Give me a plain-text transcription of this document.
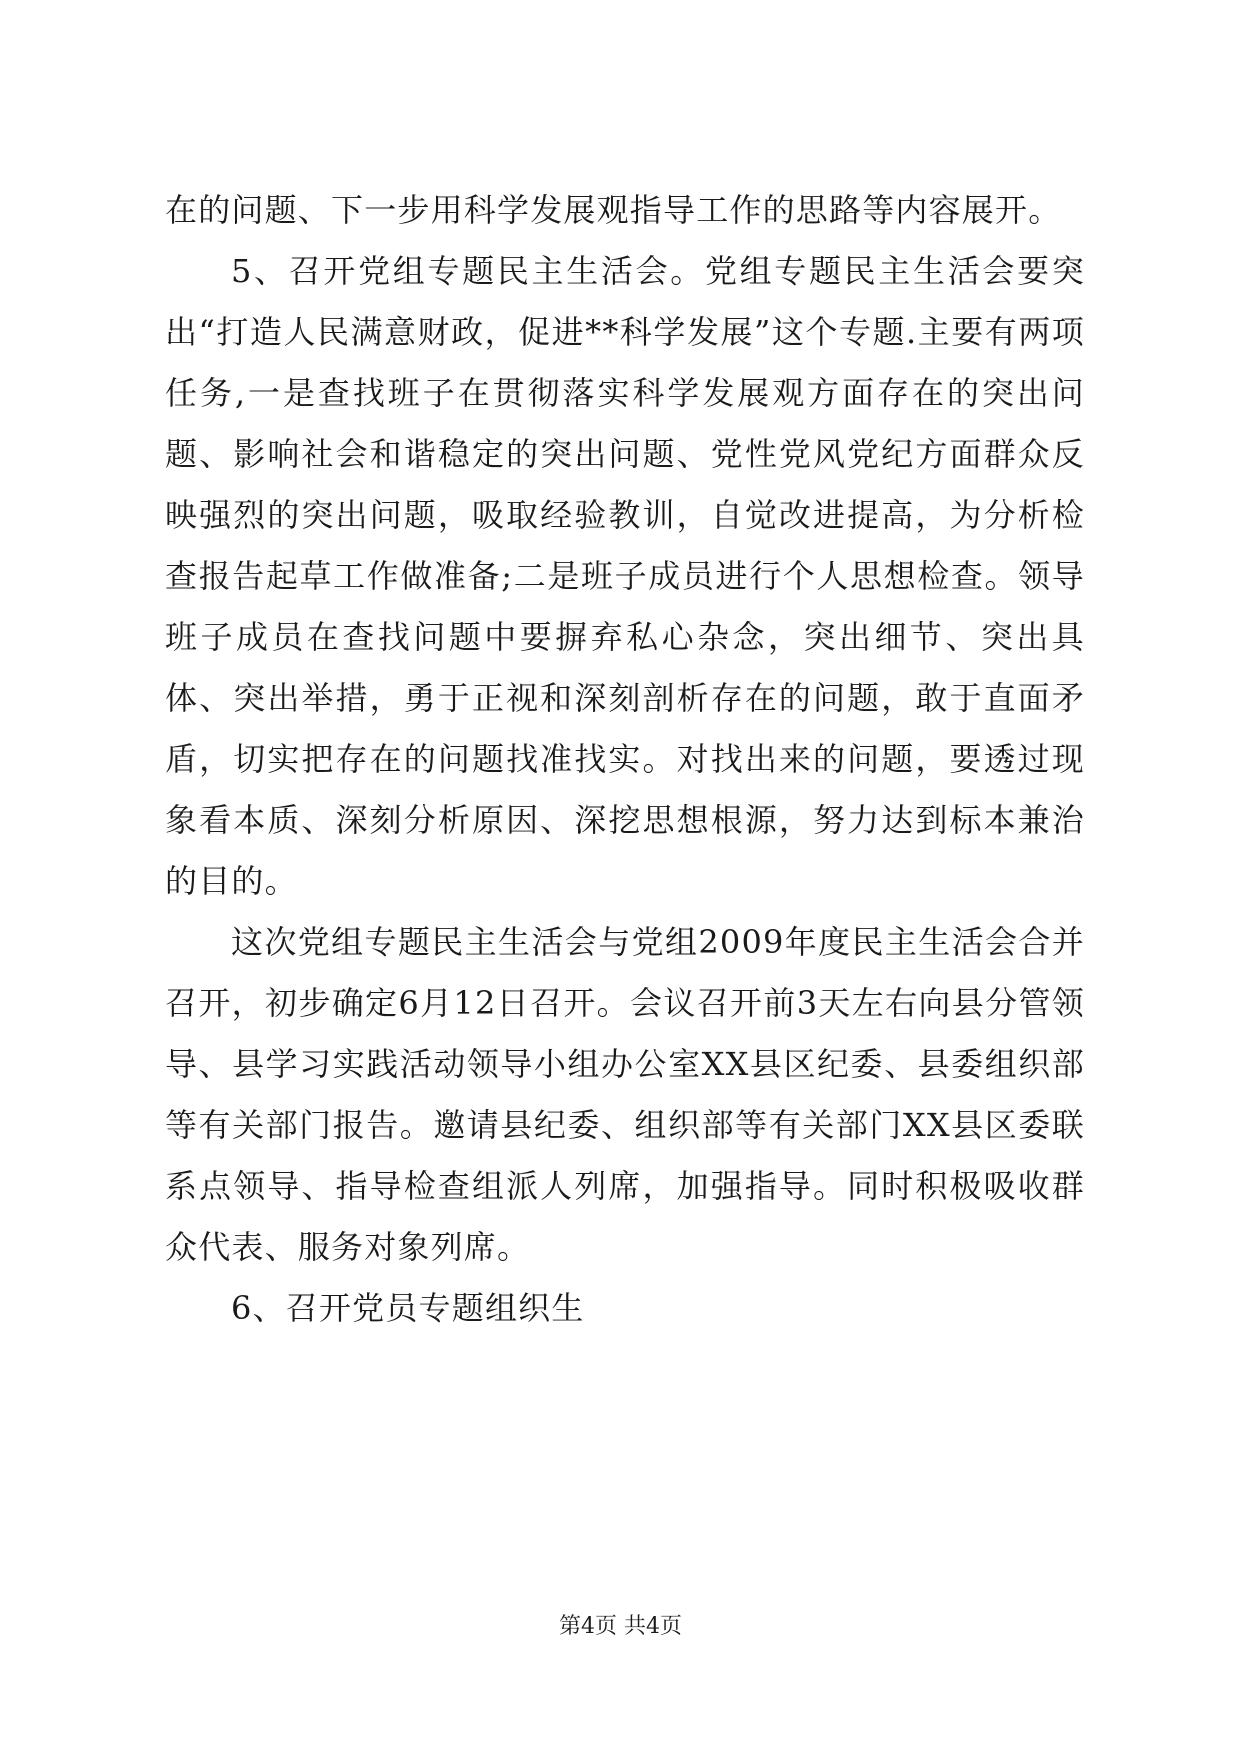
在的问题、下一步用科学发展观指导工作的思路等内容展开。

5、召开党组专题民主生活会。党组专题民主生活会要突出“打造人民满意财政，促进**科学发展”这个专题.主要有两项任务,一是查找班子在贯彻落实科学发展观方面存在的突出问题、影响社会和谐稳定的突出问题、党性党风党纪方面群众反映强烈的突出问题，吸取经验教训，自觉改进提高，为分析检查报告起草工作做准备;二是班子成员进行个人思想检查。领导班子成员在查找问题中要摒弃私心杂念，突出细节、突出具体、突出举措，勇于正视和深刻剖析存在的问题，敢于直面矛盾，切实把存在的问题找准找实。对找出来的问题，要透过现象看本质、深刻分析原因、深挖思想根源，努力达到标本兼治的目的。

这次党组专题民主生活会与党组2009年度民主生活会合并召开，初步确定6月12日召开。会议召开前3天左右向县分管领导、县学习实践活动领导小组办公室XX县区纪委、县委组织部等有关部门报告。邀请县纪委、组织部等有关部门XX县区委联系点领导、指导检查组派人列席，加强指导。同时积极吸收群众代表、服务对象列席。

6、召开党员专题组织生

第4页 共4页
